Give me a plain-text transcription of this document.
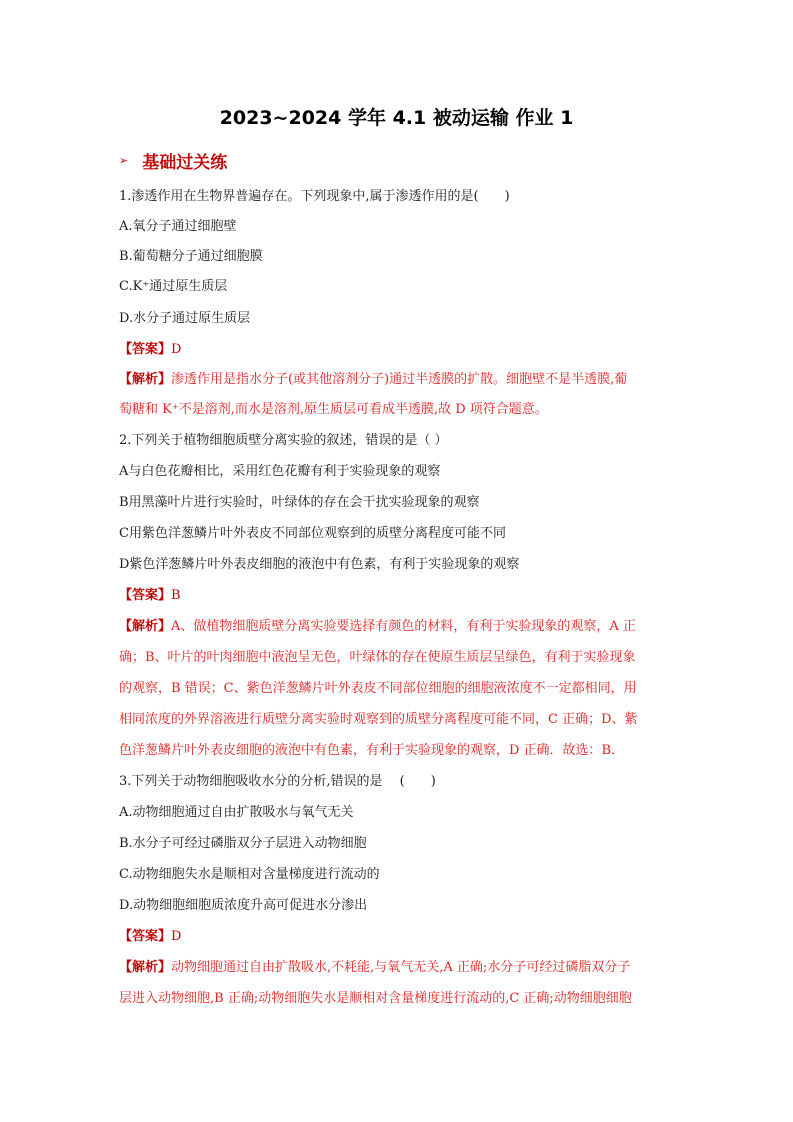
2023~2024 学年 4.1 被动运输 作业 1
➢ 基础过关练
1.渗透作用在生物界普遍存在。下列现象中,属于渗透作用的是(　　)
A.氧分子通过细胞壁
B.葡萄糖分子通过细胞膜
C.K⁺通过原生质层
D.水分子通过原生质层
【答案】D
【解析】渗透作用是指水分子(或其他溶剂分子)通过半透膜的扩散。细胞壁不是半透膜,葡
萄糖和 K⁺不是溶剂,而水是溶剂,原生质层可看成半透膜,故 D 项符合题意。
2.下列关于植物细胞质壁分离实验的叙述，错误的是（ ）
A与白色花瓣相比，采用红色花瓣有利于实验现象的观察
B用黑藻叶片进行实验时，叶绿体的存在会干扰实验现象的观察
C用紫色洋葱鳞片叶外表皮不同部位观察到的质壁分离程度可能不同
D紫色洋葱鳞片叶外表皮细胞的液泡中有色素，有利于实验现象的观察
【答案】B
【解析】A、做植物细胞质壁分离实验要选择有颜色的材料，有利于实验现象的观察，A 正
确；B、叶片的叶肉细胞中液泡呈无色，叶绿体的存在使原生质层呈绿色，有利于实验现象
的观察，B 错误；C、紫色洋葱鳞片叶外表皮不同部位细胞的细胞液浓度不一定都相同，用
相同浓度的外界溶液进行质壁分离实验时观察到的质壁分离程度可能不同，C 正确；D、紫
色洋葱鳞片叶外表皮细胞的液泡中有色素，有利于实验现象的观察，D 正确．故选：B．
3.下列关于动物细胞吸收水分的分析,错误的是　 (　　)
A.动物细胞通过自由扩散吸水与氧气无关
B.水分子可经过磷脂双分子层进入动物细胞
C.动物细胞失水是顺相对含量梯度进行流动的
D.动物细胞细胞质浓度升高可促进水分渗出
【答案】D
【解析】动物细胞通过自由扩散吸水,不耗能,与氧气无关,A 正确;水分子可经过磷脂双分子
层进入动物细胞,B 正确;动物细胞失水是顺相对含量梯度进行流动的,C 正确;动物细胞细胞
